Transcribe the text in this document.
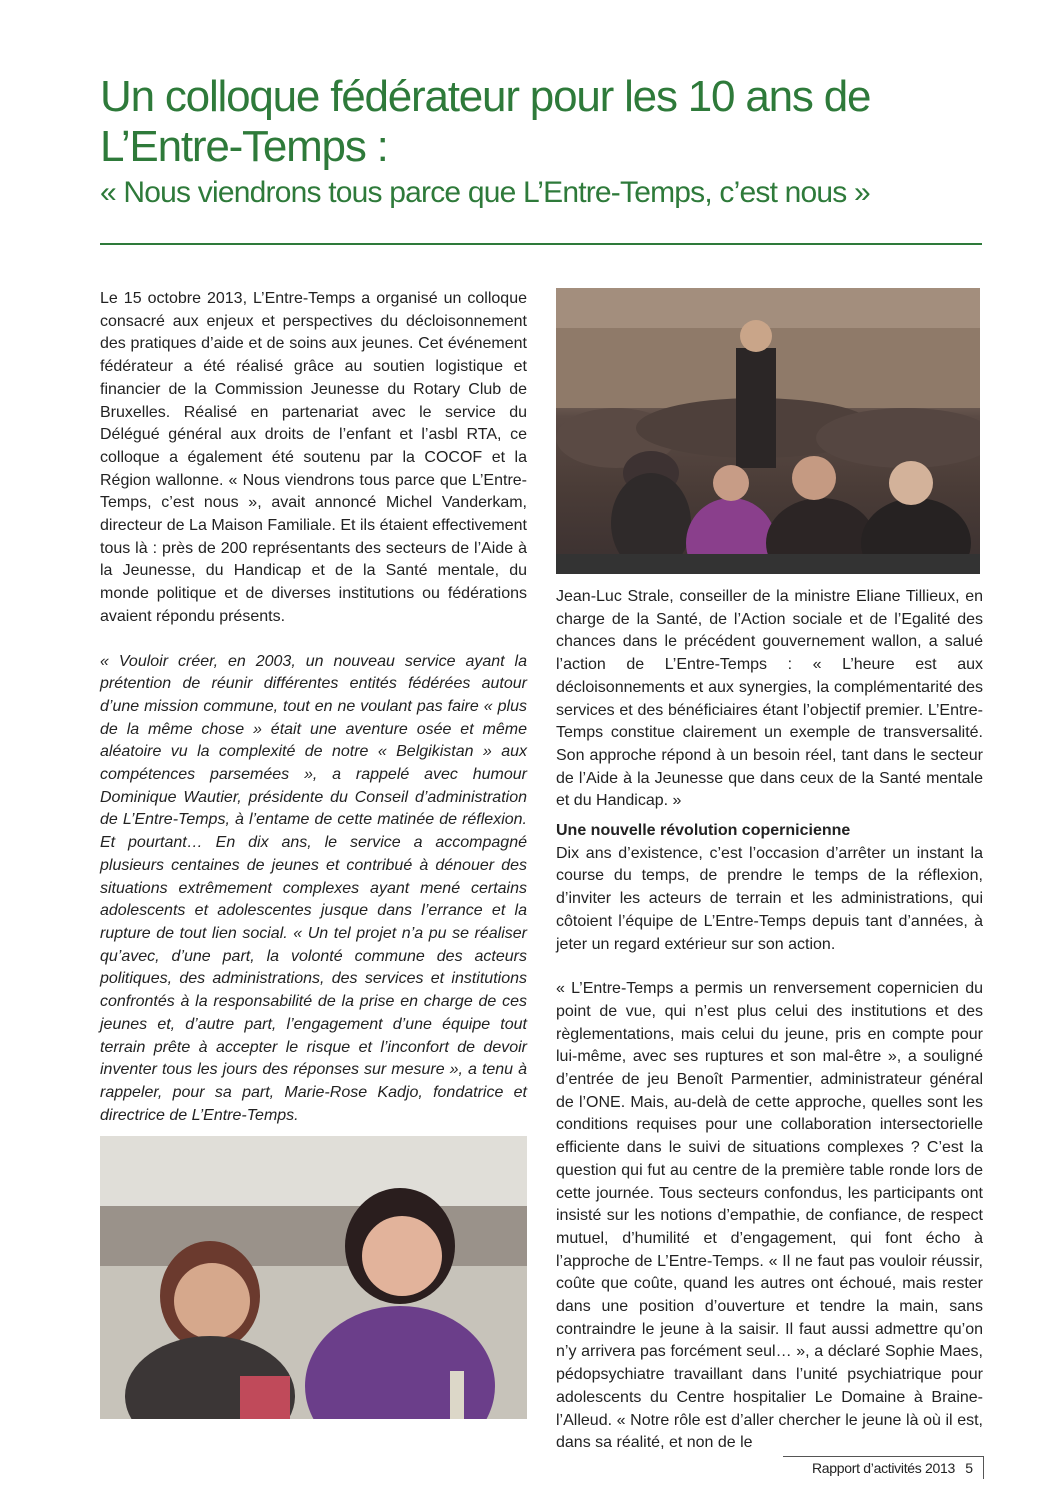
Un colloque fédérateur pour les 10 ans de
L’Entre-Temps :
« Nous viendrons tous parce que L’Entre-Temps, c’est nous »

Le 15 octobre 2013, L’Entre-Temps a organisé un colloque consacré aux enjeux et perspectives du décloisonnement des pratiques d’aide et de soins aux jeunes. Cet événement fédérateur a été réalisé grâce au soutien logistique et financier de la Commission Jeunesse du Rotary Club de Bruxelles. Réalisé en partenariat avec le service du Délégué général aux droits de l’enfant et l’asbl RTA, ce colloque a également été soutenu par la COCOF et la Région wallonne. « Nous viendrons tous parce que L’Entre-Temps, c’est nous », avait annoncé Michel Vanderkam, directeur de La Maison Familiale. Et ils étaient effectivement tous là : près de 200 représentants des secteurs de l’Aide à la Jeunesse, du Handicap et de la Santé mentale, du monde politique et de diverses institutions ou fédérations avaient répondu présents.

« Vouloir créer, en 2003, un nouveau service ayant la prétention de réunir différentes entités fédérées autour d’une mission commune, tout en ne voulant pas faire « plus de la même chose » était une aventure osée et même aléatoire vu la complexité de notre « Belgikistan » aux compétences parsemées », a rappelé avec humour Dominique Wautier, présidente du Conseil d’administration de L’Entre-Temps, à l’entame de cette matinée de réflexion. Et pourtant… En dix ans, le service a accompagné plusieurs centaines de jeunes et contribué à dénouer des situations extrêmement complexes ayant mené certains adolescents et adolescentes jusque dans l’errance et la rupture de tout lien social. « Un tel projet n’a pu se réaliser qu’avec, d’une part, la volonté commune des acteurs politiques, des administrations, des services et institutions confrontés à la responsabilité de la prise en charge de ces jeunes et, d’autre part, l’engagement d’une équipe tout terrain prête à accepter le risque et l’inconfort de devoir inventer tous les jours des réponses sur mesure », a tenu à rappeler, pour sa part, Marie-Rose Kadjo, fondatrice et directrice de L’Entre-Temps.

Jean-Luc Strale, conseiller de la ministre Eliane Tillieux, en charge de la Santé, de l’Action sociale et de l’Egalité des chances dans le précédent gouvernement wallon, a salué l’action de L’Entre-Temps : « L’heure est aux décloisonnements et aux synergies, la complémentarité des services et des bénéficiaires étant l’objectif premier. L’Entre-Temps constitue clairement un exemple de transversalité. Son approche répond à un besoin réel, tant dans le secteur de l’Aide à la Jeunesse que dans ceux de la Santé mentale et du Handicap. »

Une nouvelle révolution copernicienne

Dix ans d’existence, c’est l’occasion d’arrêter un instant la course du temps, de prendre le temps de la réflexion, d’inviter les acteurs de terrain et les administrations, qui côtoient l’équipe de L’Entre-Temps depuis tant d’années, à jeter un regard extérieur sur son action.

« L’Entre-Temps a permis un renversement copernicien du point de vue, qui n’est plus celui des institutions et des règlementations, mais celui du jeune, pris en compte pour lui-même, avec ses ruptures et son mal-être », a souligné d’entrée de jeu Benoît Parmentier, administrateur général de l’ONE. Mais, au-delà de cette approche, quelles sont les conditions requises pour une collaboration intersectorielle efficiente dans le suivi de situations complexes ? C’est la question qui fut au centre de la première table ronde lors de cette journée. Tous secteurs confondus, les participants ont insisté sur les notions d’empathie, de confiance, de respect mutuel, d’humilité et d’engagement, qui font écho à l’approche de L’Entre-Temps. « Il ne faut pas vouloir réussir, coûte que coûte, quand les autres ont échoué, mais rester dans une position d’ouverture et tendre la main, sans contraindre le jeune à la saisir. Il faut aussi admettre qu’on n’y arrivera pas forcément seul… », a déclaré Sophie Maes, pédopsychiatre travaillant dans l’unité psychiatrique pour adolescents du Centre hospitalier Le Domaine à Braine-l’Alleud. « Notre rôle est d’aller chercher le jeune là où il est, dans sa réalité, et non de le

Rapport d’activités 2013 5
